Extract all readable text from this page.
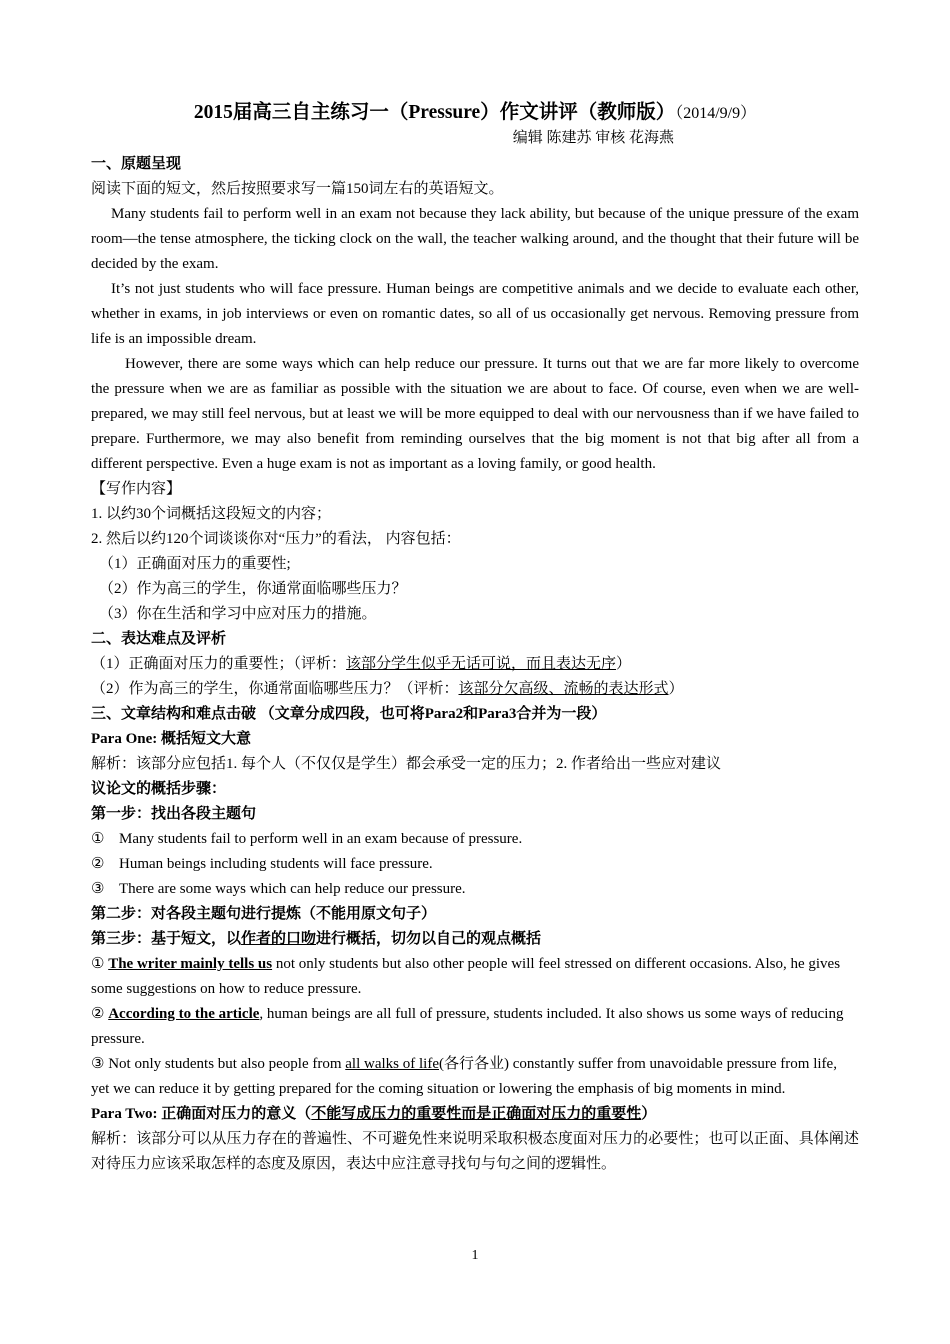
2015届高三自主练习一（Pressure）作文讲评（教师版）（2014/9/9）

编辑 陈建苏 审核 花海燕

一、原题呈现

阅读下面的短文，然后按照要求写一篇150词左右的英语短文。

Many students fail to perform well in an exam not because they lack ability, but because of the unique pressure of the exam room—the tense atmosphere, the ticking clock on the wall, the teacher walking around, and the thought that their future will be decided by the exam.

It’s not just students who will face pressure. Human beings are competitive animals and we decide to evaluate each other, whether in exams, in job interviews or even on romantic dates, so all of us occasionally get nervous. Removing pressure from life is an impossible dream.

However, there are some ways which can help reduce our pressure. It turns out that we are far more likely to overcome the pressure when we are as familiar as possible with the situation we are about to face. Of course, even when we are well-prepared, we may still feel nervous, but at least we will be more equipped to deal with our nervousness than if we have failed to prepare. Furthermore, we may also benefit from reminding ourselves that the big moment is not that big after all from a different perspective. Even a huge exam is not as important as a loving family, or good health.

【写作内容】

1. 以约30个词概括这段短文的内容；

2. 然后以约120个词谈谈你对“压力”的看法， 内容包括：

（1）正确面对压力的重要性;

（2）作为高三的学生，你通常面临哪些压力？

（3）你在生活和学习中应对压力的措施。

二、表达难点及评析

（1）正确面对压力的重要性；（评析：该部分学生似乎无话可说，而且表达无序）

（2）作为高三的学生，你通常面临哪些压力？（评析：该部分欠高级、流畅的表达形式）

三、文章结构和难点击破 （文章分成四段，也可将Para2和Para3合并为一段）

Para One: 概括短文大意

解析：该部分应包括1. 每个人（不仅仅是学生）都会承受一定的压力；2. 作者给出一些应对建议

议论文的概括步骤：

第一步：找出各段主题句

① Many students fail to perform well in an exam because of pressure.

② Human beings including students will face pressure.

③ There are some ways which can help reduce our pressure.

第二步：对各段主题句进行提炼（不能用原文句子）

第三步：基于短文，以作者的口吻进行概括，切勿以自己的观点概括

① The writer mainly tells us not only students but also other people will feel stressed on different occasions. Also, he gives some suggestions on how to reduce pressure.

② According to the article, human beings are all full of pressure, students included. It also shows us some ways of reducing pressure.

③ Not only students but also people from all walks of life(各行各业) constantly suffer from unavoidable pressure from life, yet we can reduce it by getting prepared for the coming situation or lowering the emphasis of big moments in mind.

Para Two: 正确面对压力的意义（不能写成压力的重要性而是正确面对压力的重要性）

解析：该部分可以从压力存在的普遍性、不可避免性来说明采取积极态度面对压力的必要性；也可以正面、具体阐述对待压力应该采取怎样的态度及原因，表达中应注意寻找句与句之间的逻辑性。

1
